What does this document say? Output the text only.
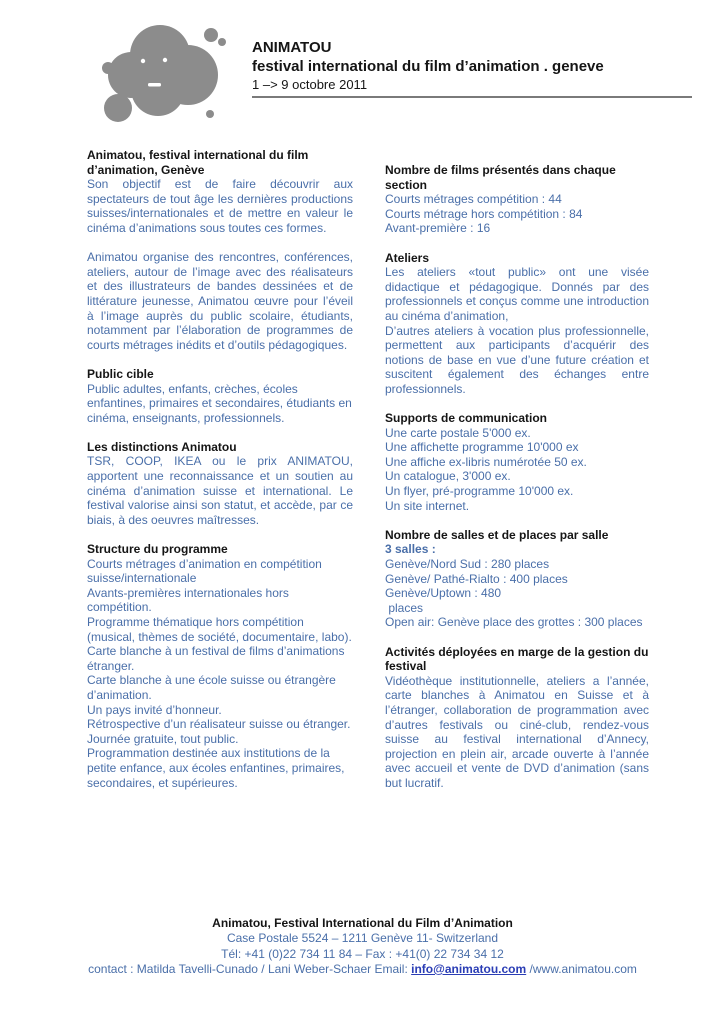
ANIMATOU
festival international du film d’animation . geneve
1 –> 9 octobre 2011
Animatou, festival international du film d’animation, Genève
Son objectif est de faire découvrir aux spectateurs de tout âge les dernières productions suisses/internationales et de mettre en valeur le cinéma d’animations sous toutes ces formes.
Animatou organise des rencontres, conférences, ateliers, autour de l’image avec des réalisateurs et des illustrateurs de bandes dessinées et de littérature jeunesse, Animatou œuvre pour l’éveil à l’image auprès du public scolaire, étudiants, notamment par l’élaboration de programmes de courts métrages inédits et d’outils pédagogiques.
Public cible
Public adultes, enfants, crèches, écoles enfantines, primaires et secondaires, étudiants en cinéma, enseignants, professionnels.
Les distinctions Animatou
TSR, COOP, IKEA ou le prix ANIMATOU, apportent une reconnaissance et un soutien au cinéma d’animation suisse et international. Le festival valorise ainsi son statut, et accède, par ce biais, à des oeuvres maîtresses.
Structure du programme
Courts métrages d’animation en compétition suisse/internationale
Avants-premières internationales hors compétition.
Programme thématique hors compétition (musical, thèmes de société, documentaire, labo).
Carte blanche à un festival de films d’animations étranger.
Carte blanche à une école suisse ou étrangère d’animation.
Un pays invité d’honneur.
Rétrospective d’un réalisateur suisse ou étranger.
Journée gratuite, tout public.
Programmation destinée aux institutions de la petite enfance, aux écoles enfantines, primaires, secondaires, et supérieures.
Nombre de films présentés dans chaque section
Courts métrages compétition : 44
Courts métrage hors compétition : 84
Avant-première : 16
Ateliers
Les ateliers «tout public» ont une visée didactique et pédagogique. Donnés par des professionnels et conçus comme une introduction au cinéma d’animation,
D’autres ateliers à vocation plus professionnelle, permettent aux participants d’acquérir des notions de base en vue d’une future création et suscitent également des échanges entre professionnels.
Supports de communication
Une carte postale 5'000 ex.
Une affichette programme 10'000 ex
Une affiche ex-libris numérotée 50 ex.
Un catalogue, 3'000 ex.
Un flyer, pré-programme 10'000 ex.
Un site internet.
Nombre de salles et de places par salle
3 salles :
Genève/Nord Sud : 280 places
Genève/ Pathé-Rialto : 400 places
Genève/Uptown : 480
places
Open air: Genève place des grottes : 300 places
Activités déployées en marge de la gestion du festival
Vidéothèque institutionnelle, ateliers a l’année, carte blanches à Animatou en Suisse et à l’étranger, collaboration de programmation avec d’autres festivals ou ciné-club, rendez-vous suisse au festival international d’Annecy, projection en plein air, arcade ouverte à l’année avec accueil et vente de DVD d’animation (sans but lucratif.
Animatou, Festival International du Film d’Animation
Case Postale 5524 – 1211 Genève 11- Switzerland
Tél: +41 (0)22 734 11 84 – Fax : +41(0) 22 734 34 12
contact : Matilda Tavelli-Cunado / Lani Weber-Schaer Email: info@animatou.com /www.animatou.com
